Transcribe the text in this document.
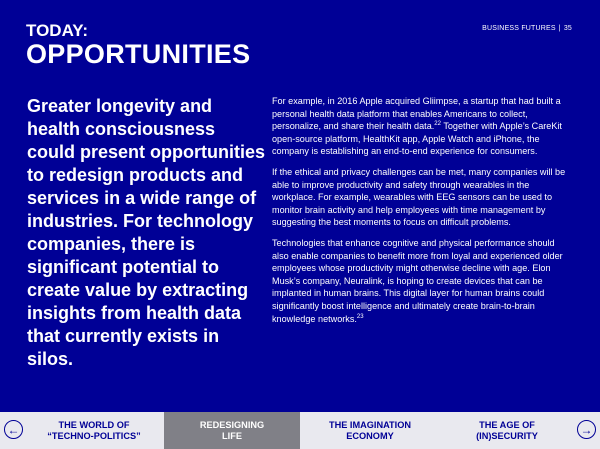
BUSINESS FUTURES | 35
TODAY:
OPPORTUNITIES
Greater longevity and health consciousness could present opportunities to redesign products and services in a wide range of industries. For technology companies, there is significant potential to create value by extracting insights from health data that currently exists in silos.

For example, in 2016 Apple acquired Gliimpse, a startup that had built a personal health data platform that enables Americans to collect, personalize, and share their health data.$^{22}$ Together with Apple’s CareKit open-source platform, HealthKit app, Apple Watch and iPhone, the company is establishing an end-to-end experience for consumers.

If the ethical and privacy challenges can be met, many companies will be able to improve productivity and safety through wearables in the workplace. For example, wearables with EEG sensors can be used to monitor brain activity and help employees with time management by suggesting the best moments to focus on difficult problems.

Technologies that enhance cognitive and physical performance should also enable companies to benefit more from loyal and experienced older employees whose productivity might otherwise decline with age. Elon Musk’s company, Neuralink, is hoping to create devices that can be implanted in human brains. This digital layer for human brains could significantly boost intelligence and ultimately create brain-to-brain knowledge networks.$^{23}$

←	THE WORLD OF
“TECHNO-POLITICS”
REDESIGNING
LIFE
THE IMAGINATION
ECONOMY
THE AGE OF
(IN)SECURITY	→
